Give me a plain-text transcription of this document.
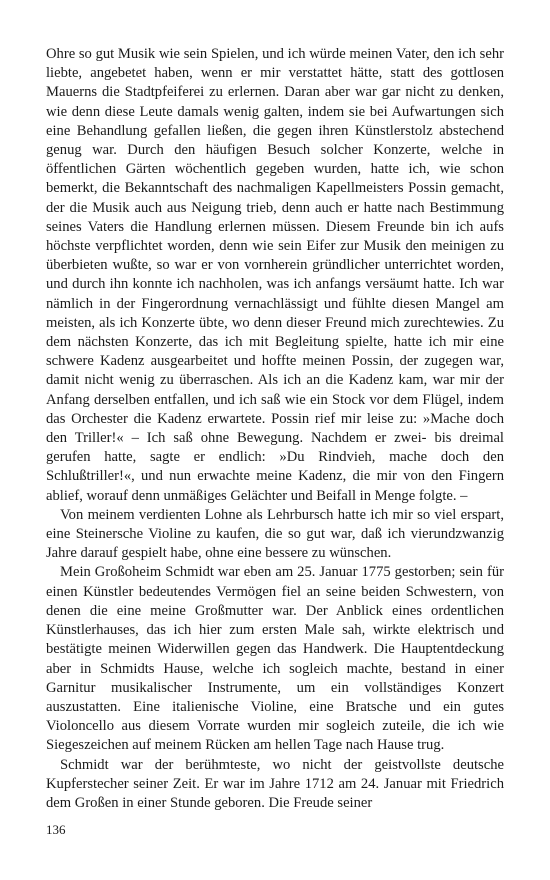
Ohre so gut Musik wie sein Spielen, und ich würde meinen Vater, den ich sehr liebte, angebetet haben, wenn er mir verstattet hätte, statt des gottlosen Mauerns die Stadtpfeiferei zu erlernen. Daran aber war gar nicht zu denken, wie denn diese Leute damals wenig galten, indem sie bei Aufwartungen sich eine Behandlung gefallen ließen, die gegen ihren Künstlerstolz abstechend genug war. Durch den häufigen Besuch solcher Konzerte, welche in öffentlichen Gärten wöchentlich gegeben wurden, hatte ich, wie schon bemerkt, die Bekanntschaft des nachmaligen Kapellmeisters Possin gemacht, der die Musik auch aus Neigung trieb, denn auch er hatte nach Bestimmung seines Vaters die Handlung erlernen müssen. Diesem Freunde bin ich aufs höchste verpflichtet worden, denn wie sein Eifer zur Musik den meinigen zu überbieten wußte, so war er von vornherein gründlicher unterrichtet worden, und durch ihn konnte ich nachholen, was ich anfangs versäumt hatte. Ich war nämlich in der Fingerordnung vernachlässigt und fühlte diesen Mangel am meisten, als ich Konzerte übte, wo denn dieser Freund mich zurechtewies. Zu dem nächsten Konzerte, das ich mit Begleitung spielte, hatte ich mir eine schwere Kadenz ausgearbeitet und hoffte meinen Possin, der zugegen war, damit nicht wenig zu überraschen. Als ich an die Kadenz kam, war mir der Anfang derselben entfallen, und ich saß wie ein Stock vor dem Flügel, indem das Orchester die Kadenz erwartete. Possin rief mir leise zu: »Mache doch den Triller!« – Ich saß ohne Bewegung. Nachdem er zwei- bis dreimal gerufen hatte, sagte er endlich: »Du Rindvieh, mache doch den Schlußtriller!«, und nun erwachte meine Kadenz, die mir von den Fingern ablief, worauf denn unmäßiges Gelächter und Beifall in Menge folgte. –

Von meinem verdienten Lohne als Lehrbursch hatte ich mir so viel erspart, eine Steinersche Violine zu kaufen, die so gut war, daß ich vierundzwanzig Jahre darauf gespielt habe, ohne eine bessere zu wünschen.

Mein Großoheim Schmidt war eben am 25. Januar 1775 gestorben; sein für einen Künstler bedeutendes Vermögen fiel an seine beiden Schwestern, von denen die eine meine Großmutter war. Der Anblick eines ordentlichen Künstlerhauses, das ich hier zum ersten Male sah, wirkte elektrisch und bestätigte meinen Widerwillen gegen das Handwerk. Die Hauptentdeckung aber in Schmidts Hause, welche ich sogleich machte, bestand in einer Garnitur musikalischer Instrumente, um ein vollständiges Konzert auszustatten. Eine italienische Violine, eine Bratsche und ein gutes Violoncello aus diesem Vorrate wurden mir sogleich zuteile, die ich wie Siegeszeichen auf meinem Rücken am hellen Tage nach Hause trug.

Schmidt war der berühmteste, wo nicht der geistvollste deutsche Kupferstecher seiner Zeit. Er war im Jahre 1712 am 24. Januar mit Friedrich dem Großen in einer Stunde geboren. Die Freude seiner

136
